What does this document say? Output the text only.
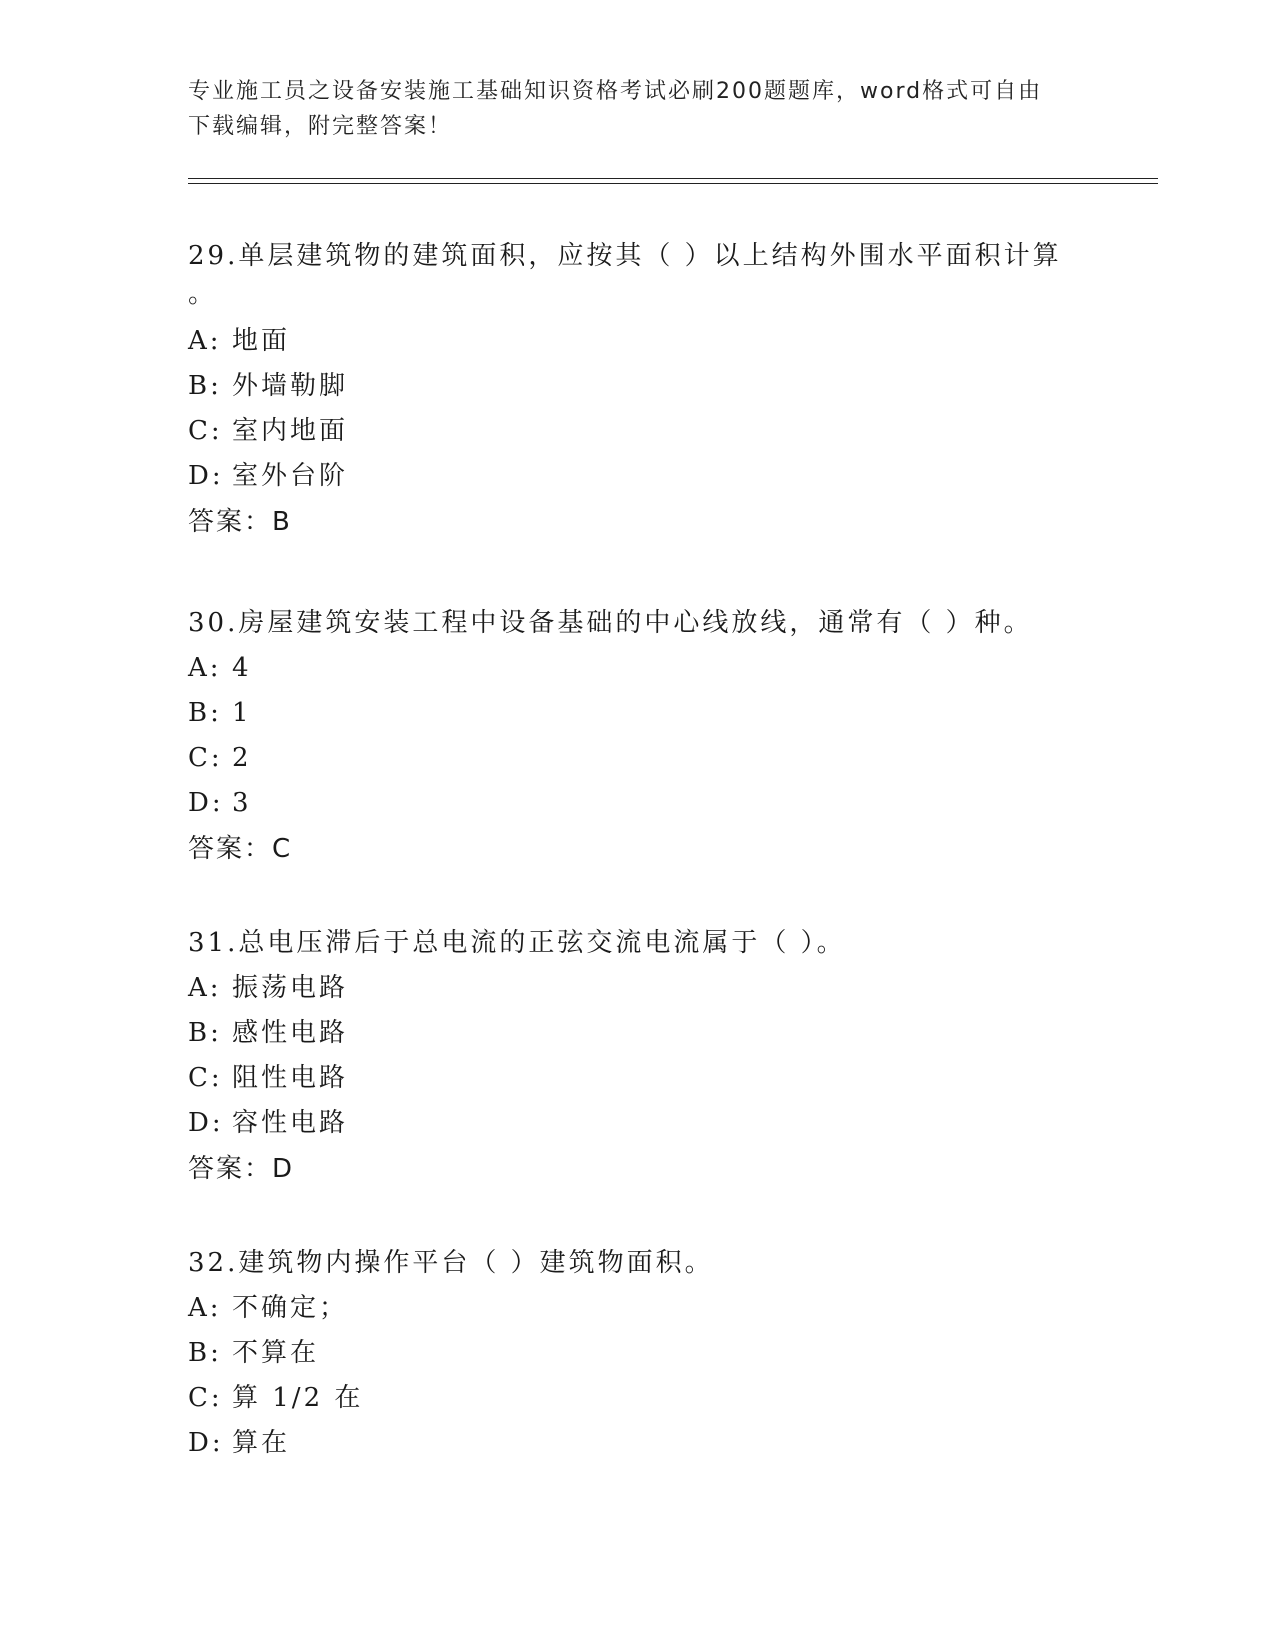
专业施工员之设备安装施工基础知识资格考试必刷200题题库，word格式可自由
下载编辑，附完整答案！
29.单层建筑物的建筑面积，应按其（ ）以上结构外围水平面积计算
。
A: 地面
B: 外墙勒脚
C: 室内地面
D: 室外台阶
答案：B
30.房屋建筑安装工程中设备基础的中心线放线，通常有（ ）种。
A: 4
B: 1
C: 2
D: 3
答案：C
31.总电压滞后于总电流的正弦交流电流属于（ ）。
A: 振荡电路
B: 感性电路
C: 阻性电路
D: 容性电路
答案：D
32.建筑物内操作平台（ ）建筑物面积。
A: 不确定；
B: 不算在
C: 算 1/2 在
D: 算在
